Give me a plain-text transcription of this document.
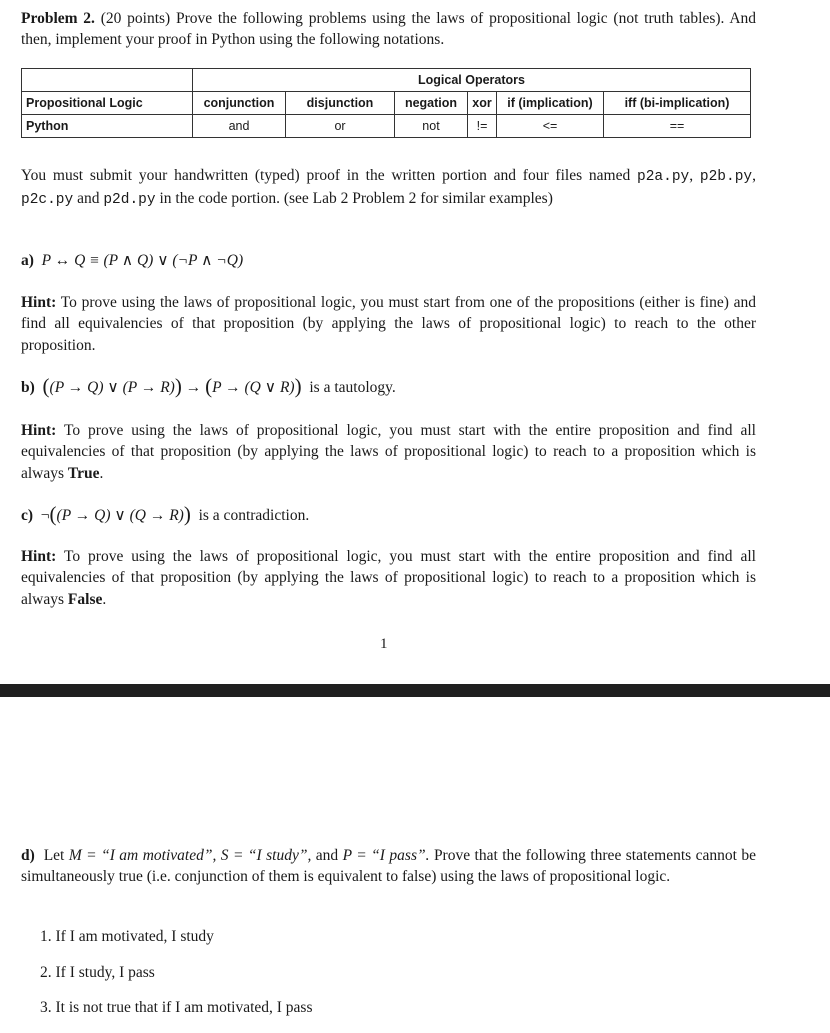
Problem 2. (20 points) Prove the following problems using the laws of propositional logic (not truth tables). And then, implement your proof in Python using the following notations.
	Logical Operators					
Propositional Logic	conjunction	disjunction	negation	xor	if (implication)	iff (bi-implication)
Python	and	or	not	!=	<=	==
You must submit your handwritten (typed) proof in the written portion and four files named p2a.py, p2b.py, p2c.py and p2d.py in the code portion. (see Lab 2 Problem 2 for similar examples)
a) P ↔ Q ≡ (P ∧ Q) ∨ (¬P ∧ ¬Q)
Hint: To prove using the laws of propositional logic, you must start from one of the propositions (either is fine) and find all equivalencies of that proposition (by applying the laws of propositional logic) to reach to the other proposition.
b) ((P → Q) ∨ (P → R)) → (P → (Q ∨ R)) is a tautology.
Hint: To prove using the laws of propositional logic, you must start with the entire proposition and find all equivalencies of that proposition (by applying the laws of propositional logic) to reach to a proposition which is always True.
c) ¬((P → Q) ∨ (Q → R)) is a contradiction.
Hint: To prove using the laws of propositional logic, you must start with the entire proposition and find all equivalencies of that proposition (by applying the laws of propositional logic) to reach to a proposition which is always False.
1
d) Let M = “I am motivated”, S = “I study”, and P = “I pass”. Prove that the following three statements cannot be simultaneously true (i.e. conjunction of them is equivalent to false) using the laws of propositional logic.
1. If I am motivated, I study
2. If I study, I pass
3. It is not true that if I am motivated, I pass
